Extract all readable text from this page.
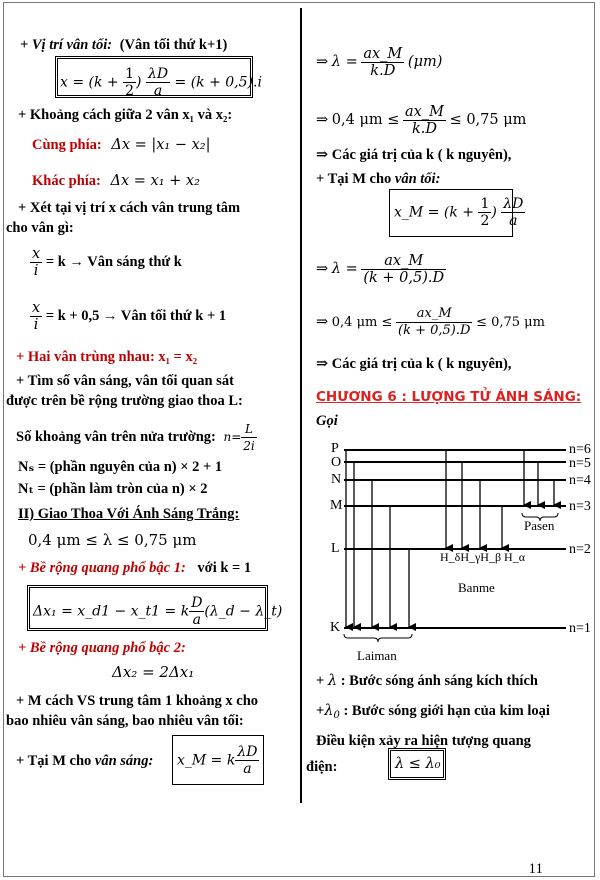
+ Vị trí vân tối: (Vân tối thứ k+1)
$x = (k + \frac{1}{2}$ ) $\frac{\lambda D}{a} = (k + 0,5).i$
+ Khoảng cách giữa 2 vân x₁ và x₂:
Cùng phía: Δx = |x₁ − x₂|
Khác phía: Δx = x₁ + x₂
+ Xét tại vị trí x cách vân trung tâm
cho vân gì:
$\frac{x}{i} = k$ → Vân sáng thứ k
$\frac{x}{i} = k + 0,5$ → Vân tối thứ k + 1
+ Hai vân trùng nhau: x₁ = x₂
+ Tìm số vân sáng, vân tối quan sát
được trên bề rộng trường giao thoa L:
Số khoảng vân trên nửa trường: $n= \frac{L}{2i}$
Nₛ = (phần nguyên của n) × 2 + 1
Nₜ = (phần làm tròn của n) × 2
II) Giao Thoa Với Ánh Sáng Trắng:
0,4 μm ≤ λ ≤ 0,75 μm
+ Bề rộng quang phổ bậc 1: với k = 1
Δx₁ = x_d1 − x_t1 = k $\frac{D}{a}$ (λ_d − λ_t)
+ Bề rộng quang phổ bậc 2:
Δx₂ = 2Δx₁
+ M cách VS trung tâm 1 khoảng x cho
bao nhiêu vân sáng, bao nhiêu vân tối:
+ Tại M cho vân sáng: x_M = k $\frac{\lambda D}{a}$
⇒ $\lambda = \frac{ax\_M}{k.D} (\mu m)$
⇒ 0,4 $\mu m \le \frac{ax\_M}{k.D} \le 0,75$ μm
⇒ Các giá trị của k ( k nguyên),
+ Tại M cho vân tối:
x_M = ($k + \frac{1}{2}$ ) $\frac{\lambda D}{a}$
⇒ $\lambda = \frac{ax\_M}{(k + 0,5).D}$
⇒ 0,4 $\mu m \le \frac{ax\_M}{(k + 0,5).D} \le 0,75$ μm
⇒ Các giá trị của k ( k nguyên),
CHƯƠNG 6 : LƯỢNG TỬ ÁNH SÁNG:
Gọi
P
O
N
M
L
K
n=6
n=5
n=4
n=3
n=2
n=1
Pasen
H_δH_γH_β H_α
Banme
Laiman
+ λ : Bước sóng ánh sáng kích thích
$+\lambda_0$ : Bước sóng giới hạn của kim loại
Điều kiện xảy ra hiện tượng quang
điện:	λ ≤ λ₀
11
